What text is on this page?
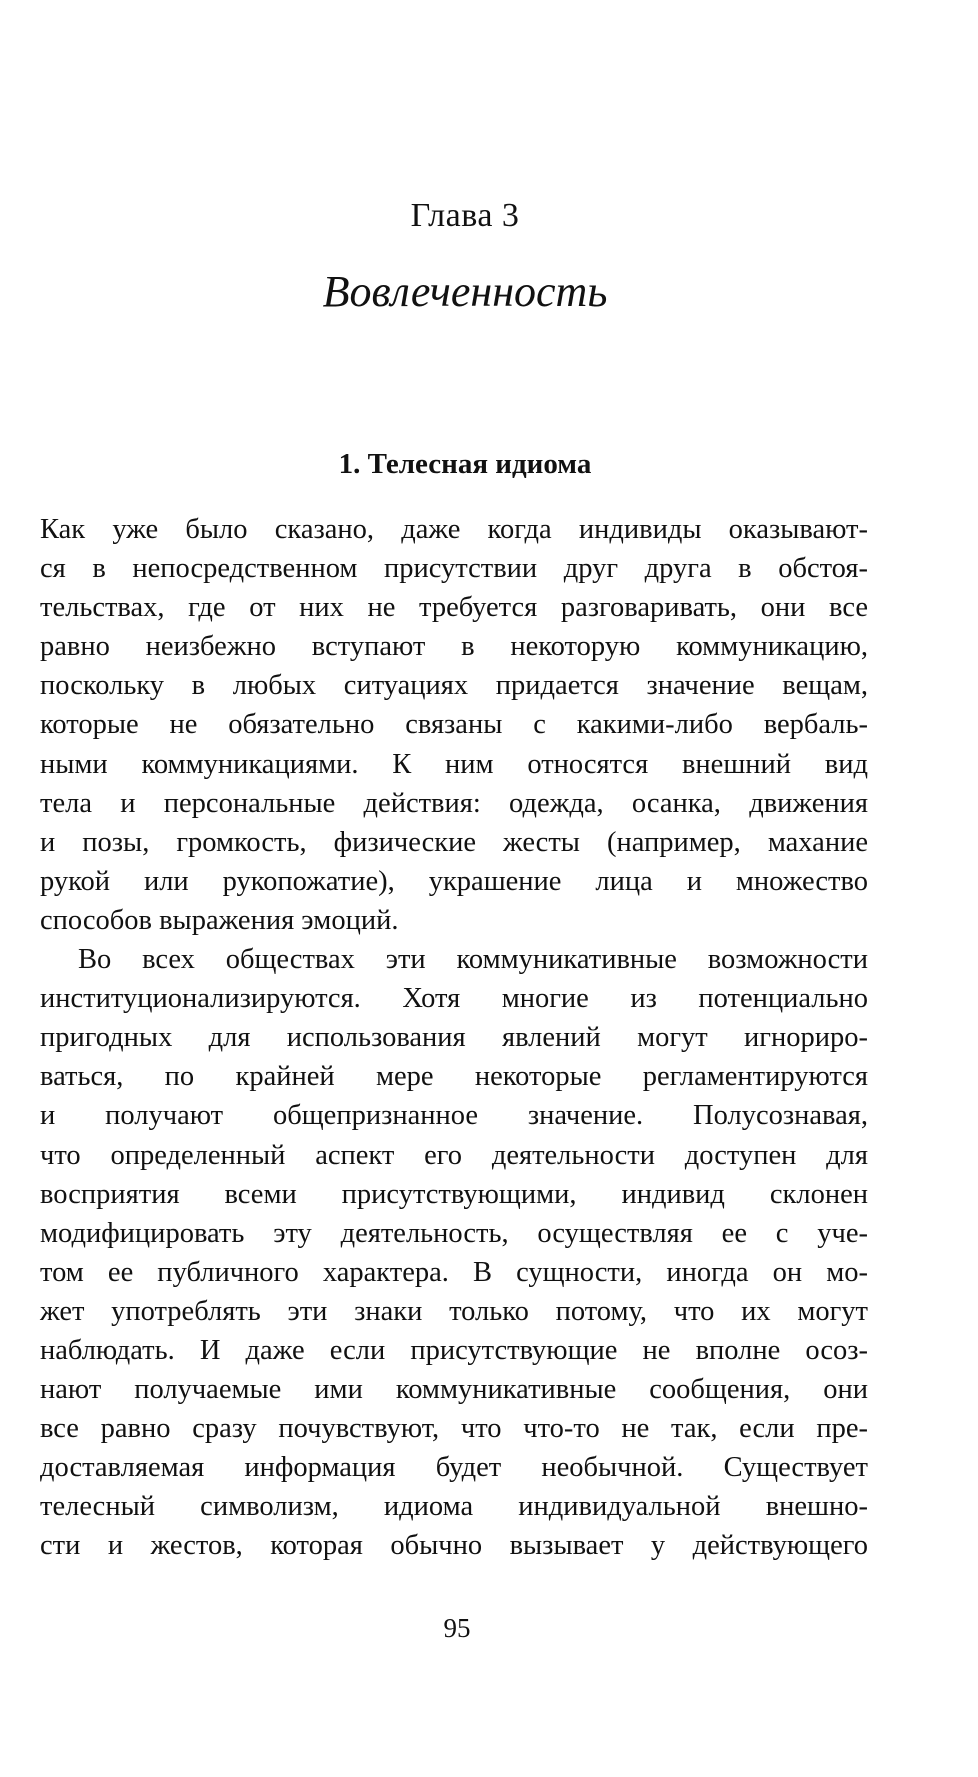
Глава 3
Вовлеченность
1. Телесная идиома
Как уже было сказано, даже когда индивиды оказывают-
ся в непосредственном присутствии друг друга в обстоя-
тельствах, где от них не требуется разговаривать, они все
равно неизбежно вступают в некоторую коммуникацию,
поскольку в любых ситуациях придается значение вещам,
которые не обязательно связаны с какими-либо вербаль-
ными коммуникациями. К ним относятся внешний вид
тела и персональные действия: одежда, осанка, движения
и позы, громкость, физические жесты (например, махание
рукой или рукопожатие), украшение лица и множество
способов выражения эмоций.
Во всех обществах эти коммуникативные возможности
институционализируются. Хотя многие из потенциально
пригодных для использования явлений могут игнориро-
ваться, по крайней мере некоторые регламентируются
и получают общепризнанное значение. Полусознавая,
что определенный аспект его деятельности доступен для
восприятия всеми присутствующими, индивид склонен
модифицировать эту деятельность, осуществляя ее с уче-
том ее публичного характера. В сущности, иногда он мо-
жет употреблять эти знаки только потому, что их могут
наблюдать. И даже если присутствующие не вполне осоз-
нают получаемые ими коммуникативные сообщения, они
все равно сразу почувствуют, что что-то не так, если пре-
доставляемая информация будет необычной. Существует
телесный символизм, идиома индивидуальной внешно-
сти и жестов, которая обычно вызывает у действующего
95
